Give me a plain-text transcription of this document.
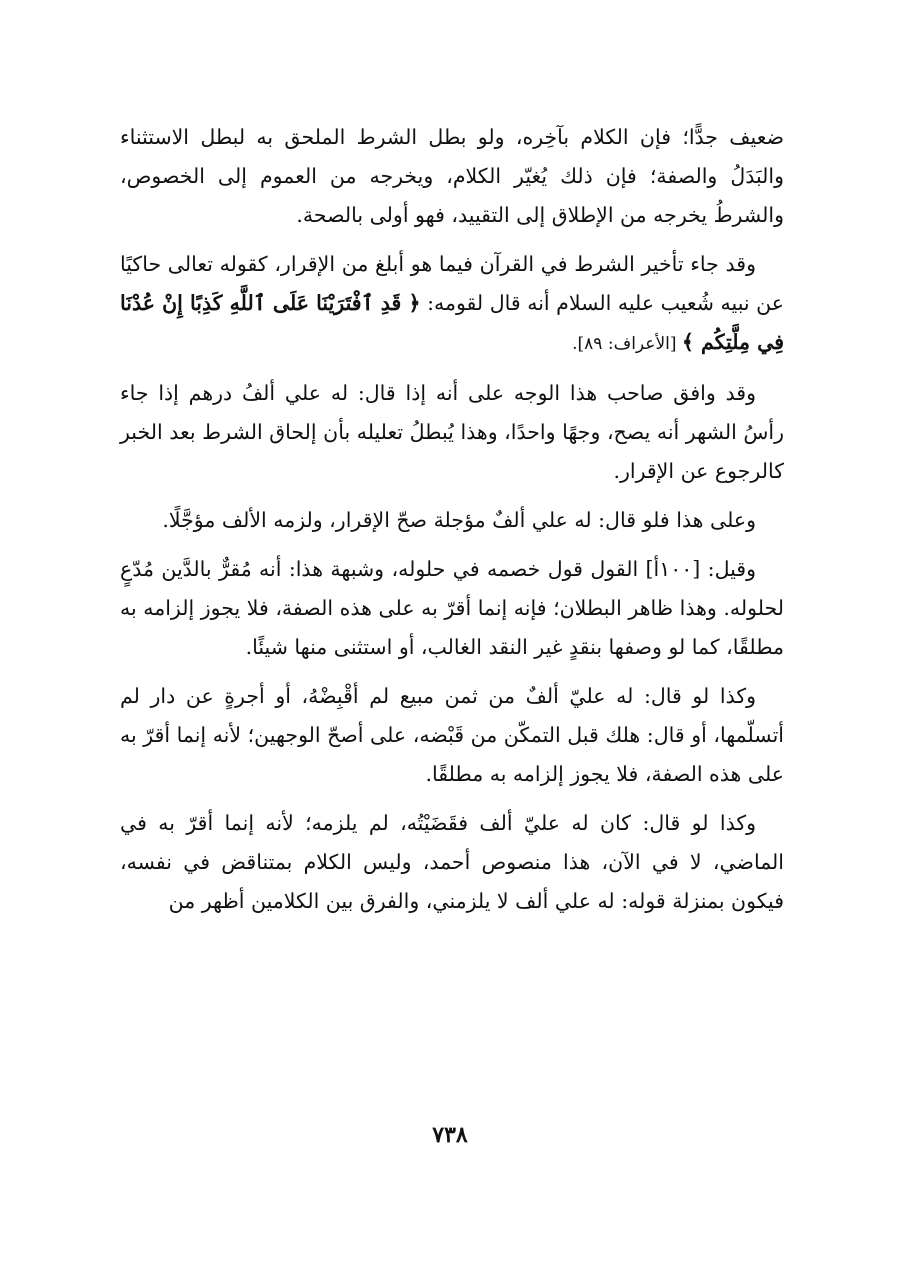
ضعيف جدًّا؛ فإن الكلام بآخِره، ولو بطل الشرط الملحق به لبطل الاستثناء والبَدَلُ والصفة؛ فإن ذلك يُغيّر الكلام، ويخرجه من العموم إلى الخصوص، والشرطُ يخرجه من الإطلاق إلى التقييد، فهو أولى بالصحة.

وقد جاء تأخير الشرط في القرآن فيما هو أبلغ من الإقرار، كقوله تعالى حاكيًا عن نبيه شُعيب عليه السلام أنه قال لقومه: ﴿ قَدِ ٱفْتَرَيْنَا عَلَى ٱللَّهِ كَذِبًا إِنْ عُدْنَا فِي مِلَّتِكُم ﴾ [الأعراف: ٨٩].

وقد وافق صاحب هذا الوجه على أنه إذا قال: له علي ألفُ درهم إذا جاء رأسُ الشهر أنه يصح، وجهًا واحدًا، وهذا يُبطلُ تعليله بأن إلحاق الشرط بعد الخبر كالرجوع عن الإقرار.

وعلى هذا فلو قال: له علي ألفٌ مؤجلة صحّ الإقرار، ولزمه الألف مؤجَّلًا.

وقيل: [١٠٠أ] القول قول خصمه في حلوله، وشبهة هذا: أنه مُقرٌّ بالدَّين مُدّعٍ لحلوله. وهذا ظاهر البطلان؛ فإنه إنما أقرّ به على هذه الصفة، فلا يجوز إلزامه به مطلقًا، كما لو وصفها بنقدٍ غير النقد الغالب، أو استثنى منها شيئًا.

وكذا لو قال: له عليّ ألفٌ من ثمن مبيع لم أقْبِضْهُ، أو أجرةٍ عن دار لم أتسلّمها، أو قال: هلك قبل التمكّن من قَبْضه، على أصحّ الوجهين؛ لأنه إنما أقرّ به على هذه الصفة، فلا يجوز إلزامه به مطلقًا.

وكذا لو قال: كان له عليّ ألف فقَضَيْتُه، لم يلزمه؛ لأنه إنما أقرّ به في الماضي، لا في الآن، هذا منصوص أحمد، وليس الكلام بمتناقض في نفسه، فيكون بمنزلة قوله: له علي ألف لا يلزمني، والفرق بين الكلامين أظهر من

٧٣٨
